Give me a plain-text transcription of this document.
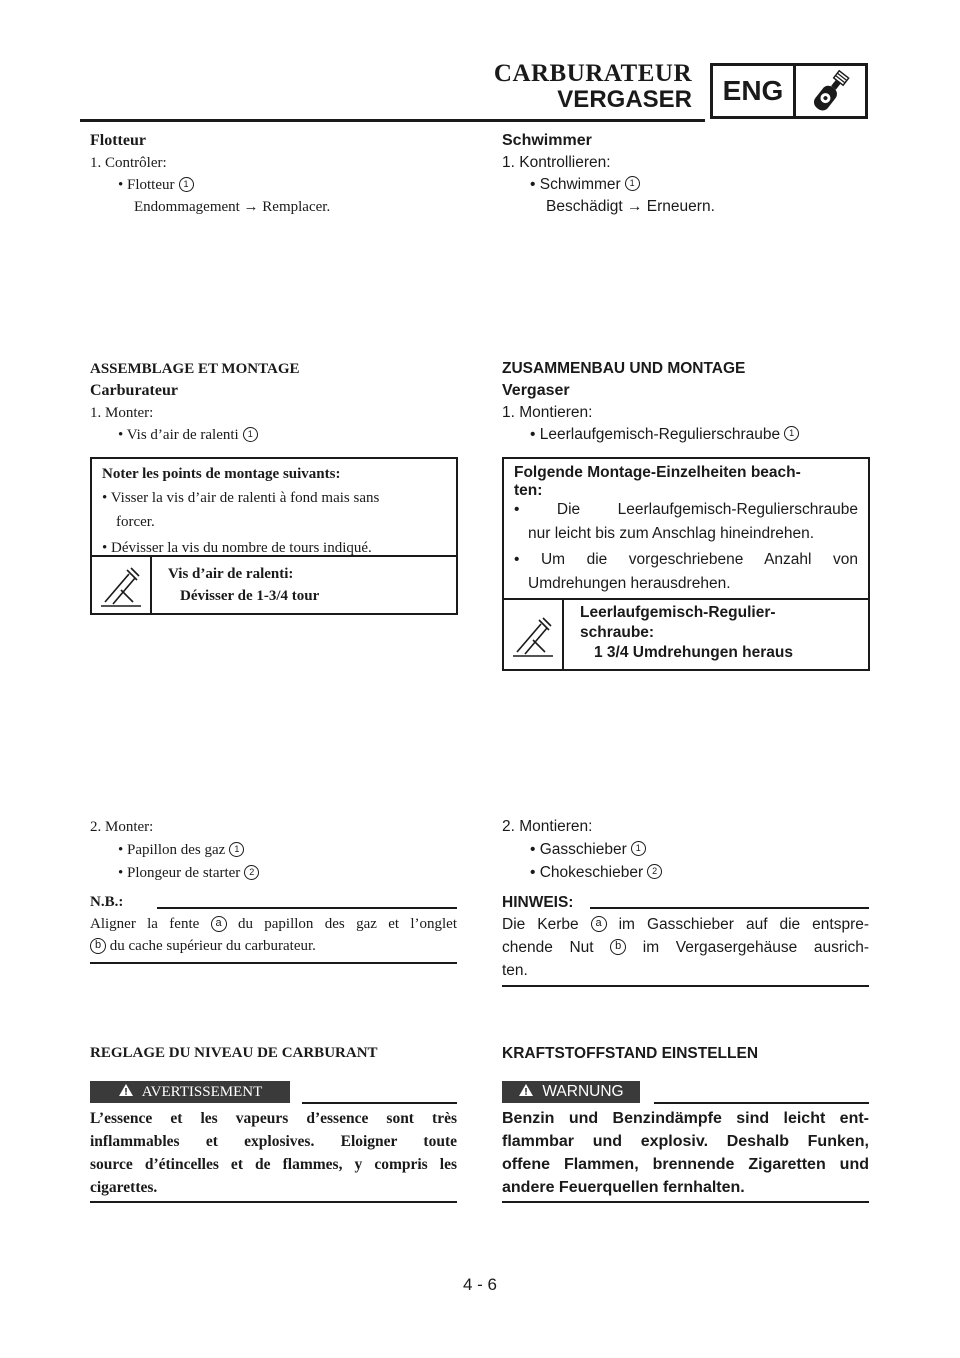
CARBURATEUR
VERGASER	ENG
Flotteur
1. Contrôler:
• Flotteur 1
Endommagement → Remplacer.
ASSEMBLAGE ET MONTAGE
Carburateur
1. Monter:
• Vis d’air de ralenti 1
Noter les points de montage suivants:
• Visser la vis d’air de ralenti à fond mais sans
forcer.
• Dévisser la vis du nombre de tours indiqué.
Vis d’air de ralenti:
Dévisser de 1-3/4 tour
2. Monter:
• Papillon des gaz 1
• Plongeur de starter 2
N.B.:
Aligner la fente a du papillon des gaz et l’onglet
b du cache supérieur du carburateur.
REGLAGE DU NIVEAU DE CARBURANT
AVERTISSEMENT
L’essence et les vapeurs d’essence sont très
inflammables et explosives. Eloigner toute
source d’étincelles et de flammes, y compris les
cigarettes.
Schwimmer
1. Kontrollieren:
• Schwimmer 1
Beschädigt → Erneuern.
ZUSAMMENBAU UND MONTAGE
Vergaser
1. Montieren:
• Leerlaufgemisch-Regulierschraube 1
Folgende Montage-Einzelheiten beach-
ten:
• Die Leerlaufgemisch-Regulierschraube
nur leicht bis zum Anschlag hineindrehen.
• Um die vorgeschriebene Anzahl von
Umdrehungen herausdrehen.
Leerlaufgemisch-Regulier-
schraube:
1 3/4 Umdrehungen heraus
2. Montieren:
• Gasschieber 1
• Chokeschieber 2
HINWEIS:
Die Kerbe a im Gasschieber auf die entspre-
chende Nut b im Vergasergehäuse ausrich-
ten.
KRAFTSTOFFSTAND EINSTELLEN
WARNUNG
Benzin und Benzindämpfe sind leicht ent-
flammbar und explosiv. Deshalb Funken,
offene Flammen, brennende Zigaretten und
andere Feuerquellen fernhalten.
4 - 6
